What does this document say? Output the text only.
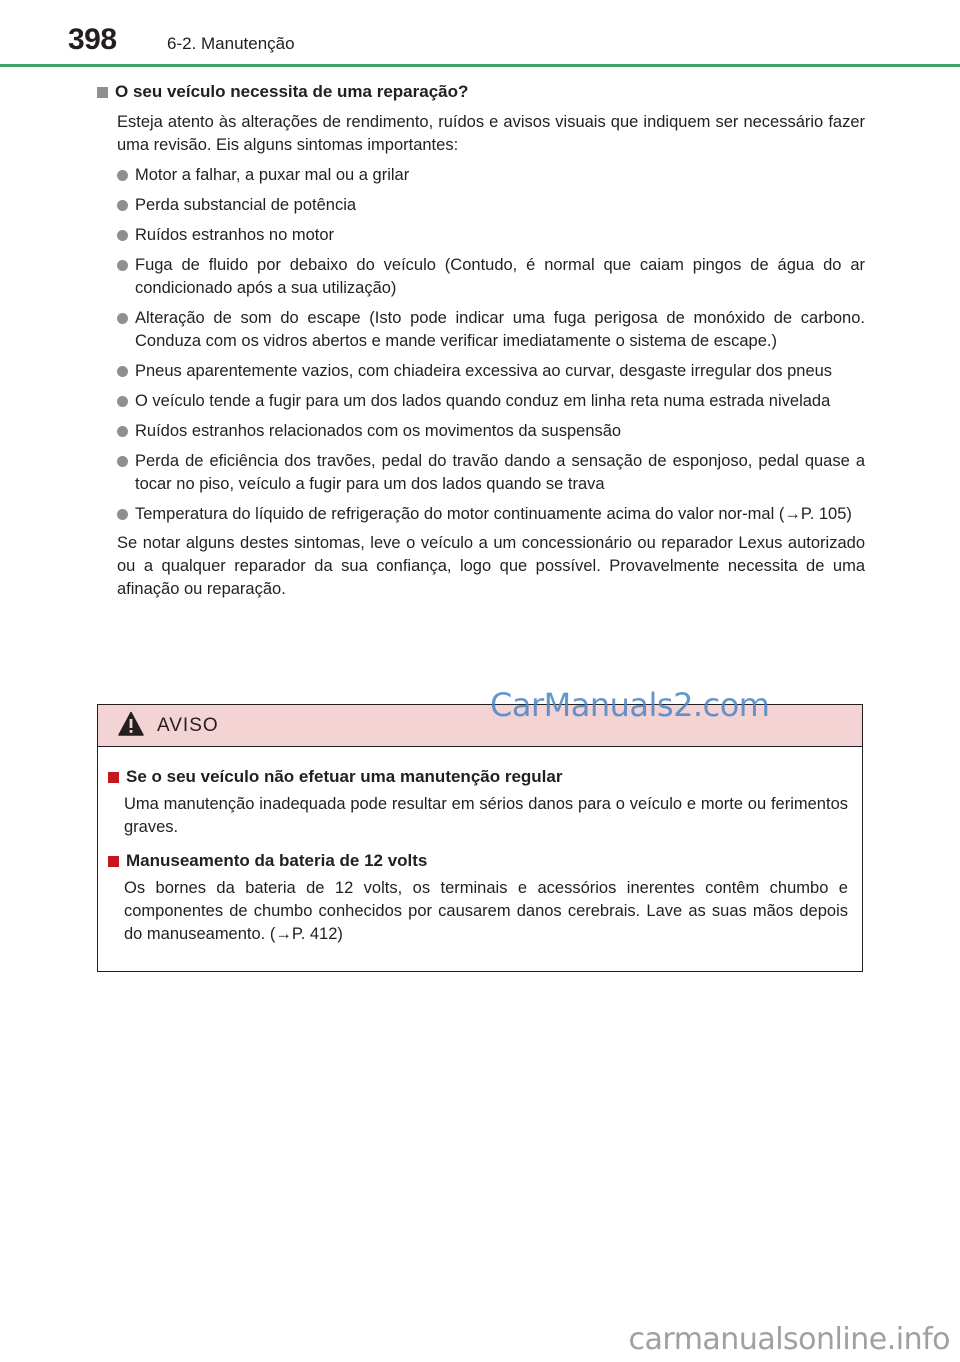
398	6-2. Manutenção
O seu veículo necessita de uma reparação?
Esteja atento às alterações de rendimento, ruídos e avisos visuais que indiquem ser necessário fazer uma revisão. Eis alguns sintomas importantes:
Motor a falhar, a puxar mal ou a grilar
Perda substancial de potência
Ruídos estranhos no motor
Fuga de fluido por debaixo do veículo (Contudo, é normal que caiam pingos de água do ar condicionado após a sua utilização)
Alteração de som do escape (Isto pode indicar uma fuga perigosa de monóxido de carbono. Conduza com os vidros abertos e mande verificar imediatamente o sistema de escape.)
Pneus aparentemente vazios, com chiadeira excessiva ao curvar, desgaste irregular dos pneus
O veículo tende a fugir para um dos lados quando conduz em linha reta numa estrada nivelada
Ruídos estranhos relacionados com os movimentos da suspensão
Perda de eficiência dos travões, pedal do travão dando a sensação de esponjoso, pedal quase a tocar no piso, veículo a fugir para um dos lados quando se trava
Temperatura do líquido de refrigeração do motor continuamente acima do valor nor-mal (→P. 105)
Se notar alguns destes sintomas, leve o veículo a um concessionário ou reparador Lexus autorizado ou a qualquer reparador da sua confiança, logo que possível. Provavelmente necessita de uma afinação ou reparação.
AVISO
Se o seu veículo não efetuar uma manutenção regular
Uma manutenção inadequada pode resultar em sérios danos para o veículo e morte ou ferimentos graves.
Manuseamento da bateria de 12 volts
Os bornes da bateria de 12 volts, os terminais e acessórios inerentes contêm chumbo e componentes de chumbo conhecidos por causarem danos cerebrais. Lave as suas mãos depois do manuseamento. (→P. 412)
CarManuals2.com
carmanualsonline.info
